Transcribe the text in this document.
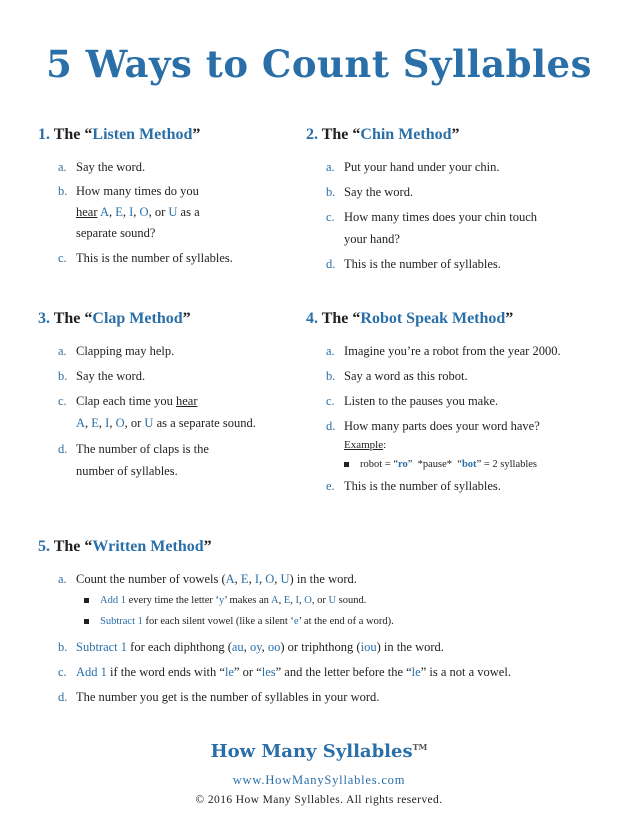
5 Ways to Count Syllables
1. The “Listen Method”
a. Say the word.
b. How many times do you
hear A, E, I, O, or U as a
separate sound?
c. This is the number of syllables.
2. The “Chin Method”
a. Put your hand under your chin.
b. Say the word.
c. How many times does your chin touch
your hand?
d. This is the number of syllables.
3. The “Clap Method”
a. Clapping may help.
b. Say the word.
c. Clap each time you hear
A, E, I, O, or U as a separate sound.
d. The number of claps is the
number of syllables.
4. The “Robot Speak Method”
a. Imagine you’re a robot from the year 2000.
b. Say a word as this robot.
c. Listen to the pauses you make.
d. How many parts does your word have?
Example:
robot = “ro”  *pause*  “bot” = 2 syllables
e. This is the number of syllables.
5. The “Written Method”
a. Count the number of vowels (A, E, I, O, U) in the word.
Add 1 every time the letter ‘y’ makes an A, E, I, O, or U sound.
Subtract 1 for each silent vowel (like a silent ‘e’ at the end of a word).
b. Subtract 1 for each diphthong (au, oy, oo) or triphthong (iou) in the word.
c. Add 1 if the word ends with “le” or “les” and the letter before the “le” is a not a vowel.
d. The number you get is the number of syllables in your word.
How Many Syllables™
www.HowManySyllables.com
© 2016 How Many Syllables. All rights reserved.
